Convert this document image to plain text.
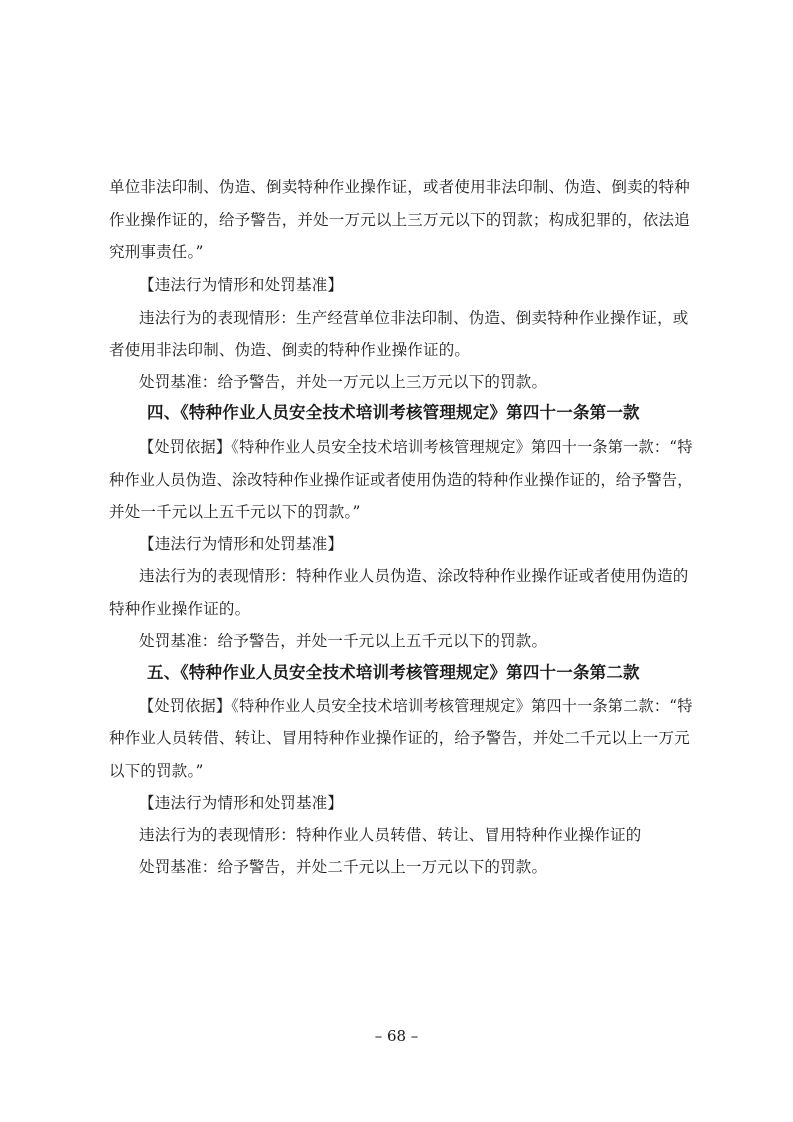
单位非法印制、伪造、倒卖特种作业操作证，或者使用非法印制、伪造、倒卖的特种
作业操作证的，给予警告，并处一万元以上三万元以下的罚款；构成犯罪的，依法追
究刑事责任。”
【违法行为情形和处罚基准】
违法行为的表现情形：生产经营单位非法印制、伪造、倒卖特种作业操作证，或
者使用非法印制、伪造、倒卖的特种作业操作证的。
处罚基准：给予警告，并处一万元以上三万元以下的罚款。
四、《特种作业人员安全技术培训考核管理规定》第四十一条第一款
【处罚依据】《特种作业人员安全技术培训考核管理规定》第四十一条第一款：“特
种作业人员伪造、涂改特种作业操作证或者使用伪造的特种作业操作证的，给予警告，
并处一千元以上五千元以下的罚款。”
【违法行为情形和处罚基准】
违法行为的表现情形：特种作业人员伪造、涂改特种作业操作证或者使用伪造的
特种作业操作证的。
处罚基准：给予警告，并处一千元以上五千元以下的罚款。
五、《特种作业人员安全技术培训考核管理规定》第四十一条第二款
【处罚依据】《特种作业人员安全技术培训考核管理规定》第四十一条第二款：“特
种作业人员转借、转让、冒用特种作业操作证的，给予警告，并处二千元以上一万元
以下的罚款。”
【违法行为情形和处罚基准】
违法行为的表现情形：特种作业人员转借、转让、冒用特种作业操作证的
处罚基准：给予警告，并处二千元以上一万元以下的罚款。
– 68 –
